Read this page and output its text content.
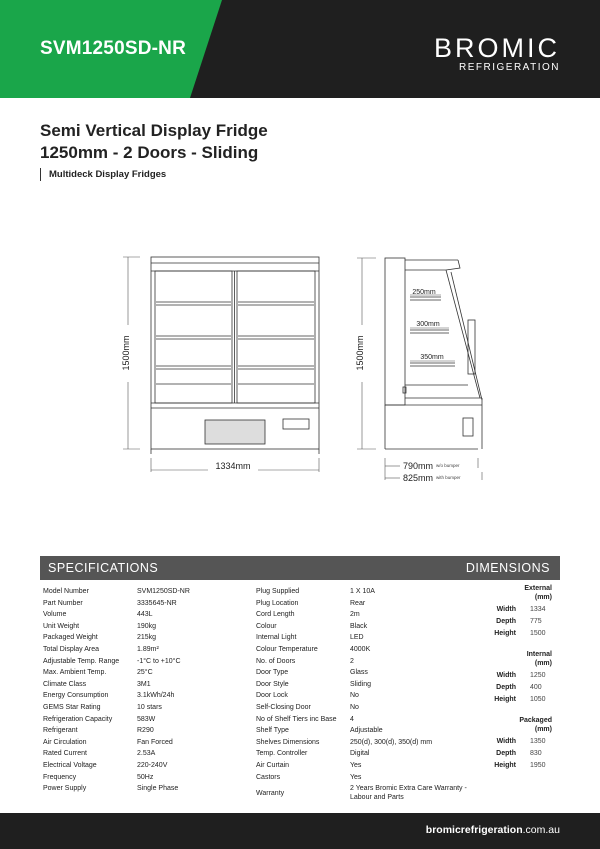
SVM1250SD-NR	BROMIC
REFRIGERATION
Semi Vertical Display Fridge
1250mm - 2 Doors - Sliding
Multideck Display Fridges
1334mm
1500mm
250mm
300mm
350mm
1500mm
790mm w/o bumper
825mm with bumper
SPECIFICATIONS	DIMENSIONS
Model Number	SVM1250SD-NR
Part Number	3335645-NR
Volume	443L
Unit Weight	190kg
Packaged Weight	215kg
Total Display Area	1.89m²
Adjustable Temp. Range	-1°C to +10°C
Max. Ambient Temp.	25°C
Climate Class	3M1
Energy Consumption	3.1kWh/24h
GEMS Star Rating	10 stars
Refrigeration Capacity	583W
Refrigerant	R290
Air Circulation	Fan Forced
Rated Current	2.53A
Electrical Voltage	220-240V
Frequency	50Hz
Power Supply	Single Phase
Plug Supplied	1 X 10A
Plug Location	Rear
Cord Length	2m
Colour	Black
Internal Light	LED
Colour Temperature	4000K
No. of Doors	2
Door Type	Glass
Door Style	Sliding
Door Lock	No
Self-Closing Door	No
No of Shelf Tiers inc Base	4
Shelf Type	Adjustable
Shelves Dimensions	250(d), 300(d), 350(d) mm
Temp. Controller	Digital
Air Curtain	Yes
Castors	Yes
Warranty
2 Years Bromic Extra Care Warranty -
Labour and Parts
External
(mm)
Width 1334
Depth 775
Height 1500
Internal
(mm)
Width 1250
Depth 400
Height 1050
Packaged
(mm)
Width 1350
Depth 830
Height 1950
bromicrefrigeration.com.au
